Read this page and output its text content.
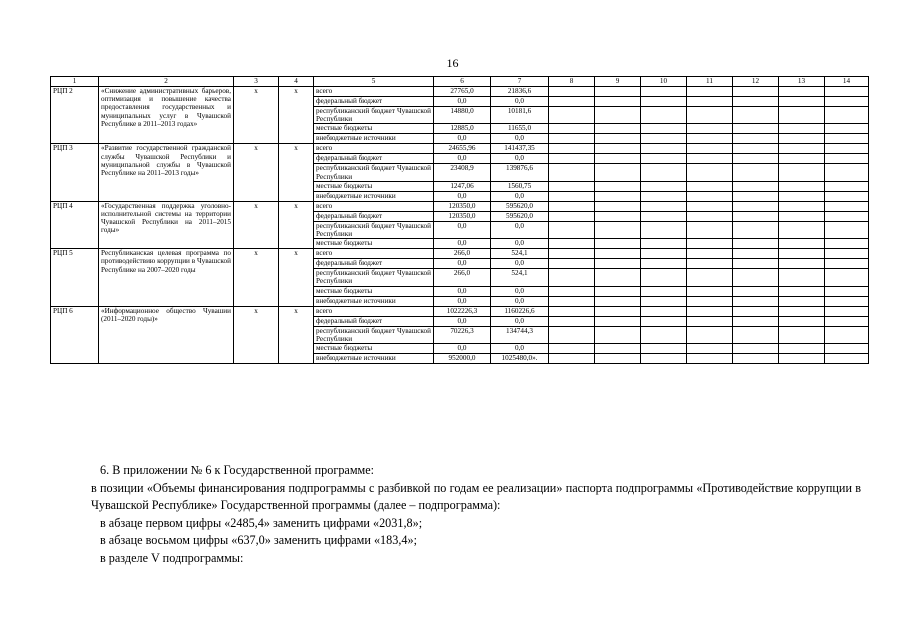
16
1	2	3	4	5	6	7	8	9	10	11	12	13	14
РЦП 2	«Снижение административных барьеров, оптимизация и повышение качества предоставления государственных и муниципальных услуг в Чувашской Республике в 2011–2013 годах»	х	х	всего	27765,0	21836,6							
				федеральный бюджет	0,0	0,0							
				республиканский бюджет Чувашской Республики	14880,0	10181,6							
				местные бюджеты	12885,0	11655,0							
				внебюджетные источники	0,0	0,0							
РЦП 3	«Развитие государственной гражданской службы Чувашской Республики и муниципальной службы в Чувашской Республике на 2011–2013 годы»	х	х	всего	24655,96	141437,35							
				федеральный бюджет	0,0	0,0							
				республиканский бюджет Чувашской Республики	23408,9	139876,6							
				местные бюджеты	1247,06	1560,75							
				внебюджетные источники	0,0	0,0							
РЦП 4	«Государственная поддержка уголовно-исполнительной системы на территории Чувашской Республики на 2011–2015 годы»	х	х	всего	120350,0	595620,0							
				федеральный бюджет	120350,0	595620,0							
				республиканский бюджет Чувашской Республики	0,0	0,0							
				местные бюджеты	0,0	0,0							
РЦП 5	Республиканская целевая программа по противодействию коррупции в Чувашской Республике на 2007–2020 годы	х	х	всего	266,0	524,1							
				федеральный бюджет	0,0	0,0							
				республиканский бюджет Чувашской Республики	266,0	524,1							
				местные бюджеты	0,0	0,0							
				внебюджетные источники	0,0	0,0							
РЦП 6	«Информационное общество Чувашии (2011–2020 годы)»	х	х	всего	1022226,3	1160226,6							
				федеральный бюджет	0,0	0,0							
				республиканский бюджет Чувашской Республики	70226,3	134744,3							
				местные бюджеты	0,0	0,0							
				внебюджетные источники	952000,0	1025480,0».							

6. В приложении № 6 к Государственной программе:

в позиции «Объемы финансирования подпрограммы с разбивкой по годам ее реализации» паспорта подпрограммы «Противодействие коррупции в Чувашской Республике» Государственной программы (далее – подпрограмма):

в абзаце первом цифры «2485,4» заменить цифрами «2031,8»;

в абзаце восьмом цифры «637,0» заменить цифрами «183,4»;

в разделе V подпрограммы:
